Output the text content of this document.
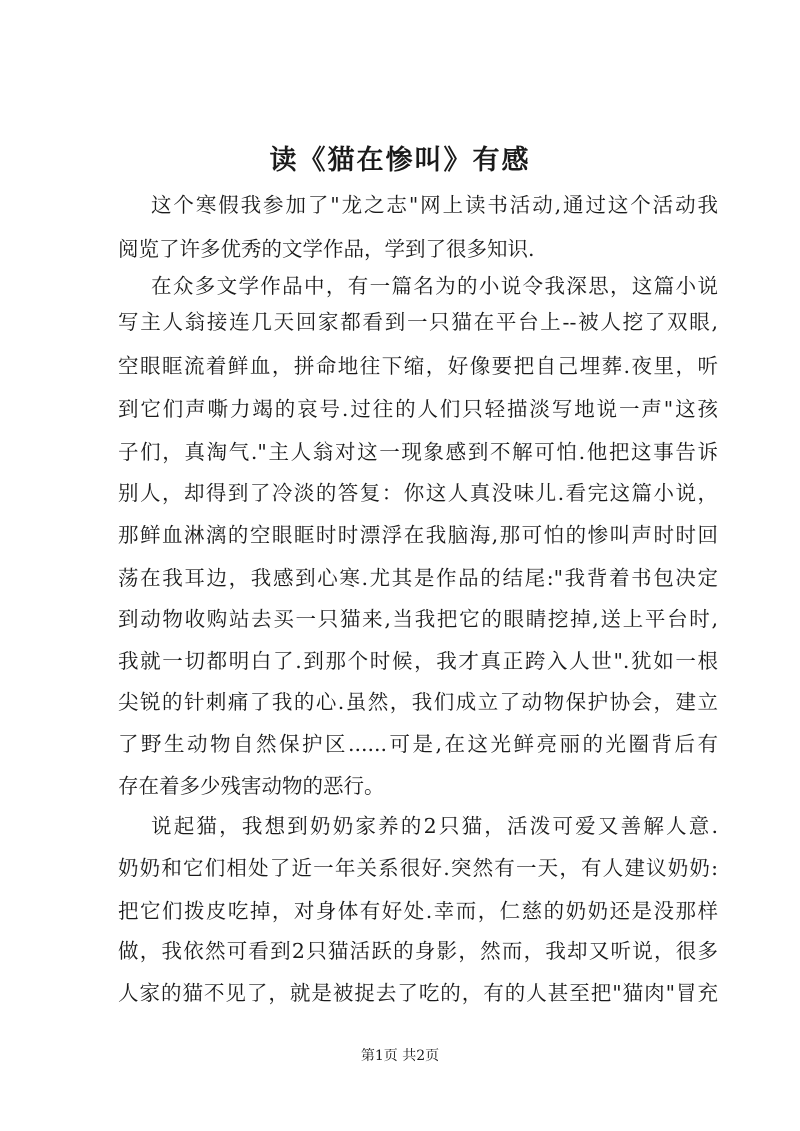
读《猫在惨叫》有感
这个寒假我参加了"龙之志"网上读书活动,通过这个活动我
阅览了许多优秀的文学作品，学到了很多知识.
在众多文学作品中，有一篇名为的小说令我深思，这篇小说
写主人翁接连几天回家都看到一只猫在平台上--被人挖了双眼,
空眼眶流着鲜血，拼命地往下缩，好像要把自己埋葬.夜里，听
到它们声嘶力竭的哀号.过往的人们只轻描淡写地说一声"这孩
子们，真淘气."主人翁对这一现象感到不解可怕.他把这事告诉
别人，却得到了冷淡的答复：你这人真没味儿.看完这篇小说，
那鲜血淋漓的空眼眶时时漂浮在我脑海,那可怕的惨叫声时时回
荡在我耳边，我感到心寒.尤其是作品的结尾:"我背着书包决定
到动物收购站去买一只猫来,当我把它的眼睛挖掉,送上平台时,
我就一切都明白了.到那个时候，我才真正跨入人世".犹如一根
尖锐的针刺痛了我的心.虽然，我们成立了动物保护协会，建立
了野生动物自然保护区......可是,在这光鲜亮丽的光圈背后有
存在着多少残害动物的恶行。
说起猫，我想到奶奶家养的2只猫，活泼可爱又善解人意.
奶奶和它们相处了近一年关系很好.突然有一天，有人建议奶奶:
把它们拨皮吃掉，对身体有好处.幸而，仁慈的奶奶还是没那样
做，我依然可看到2只猫活跃的身影，然而，我却又听说，很多
人家的猫不见了，就是被捉去了吃的，有的人甚至把"猫肉"冒充
第1页 共2页
